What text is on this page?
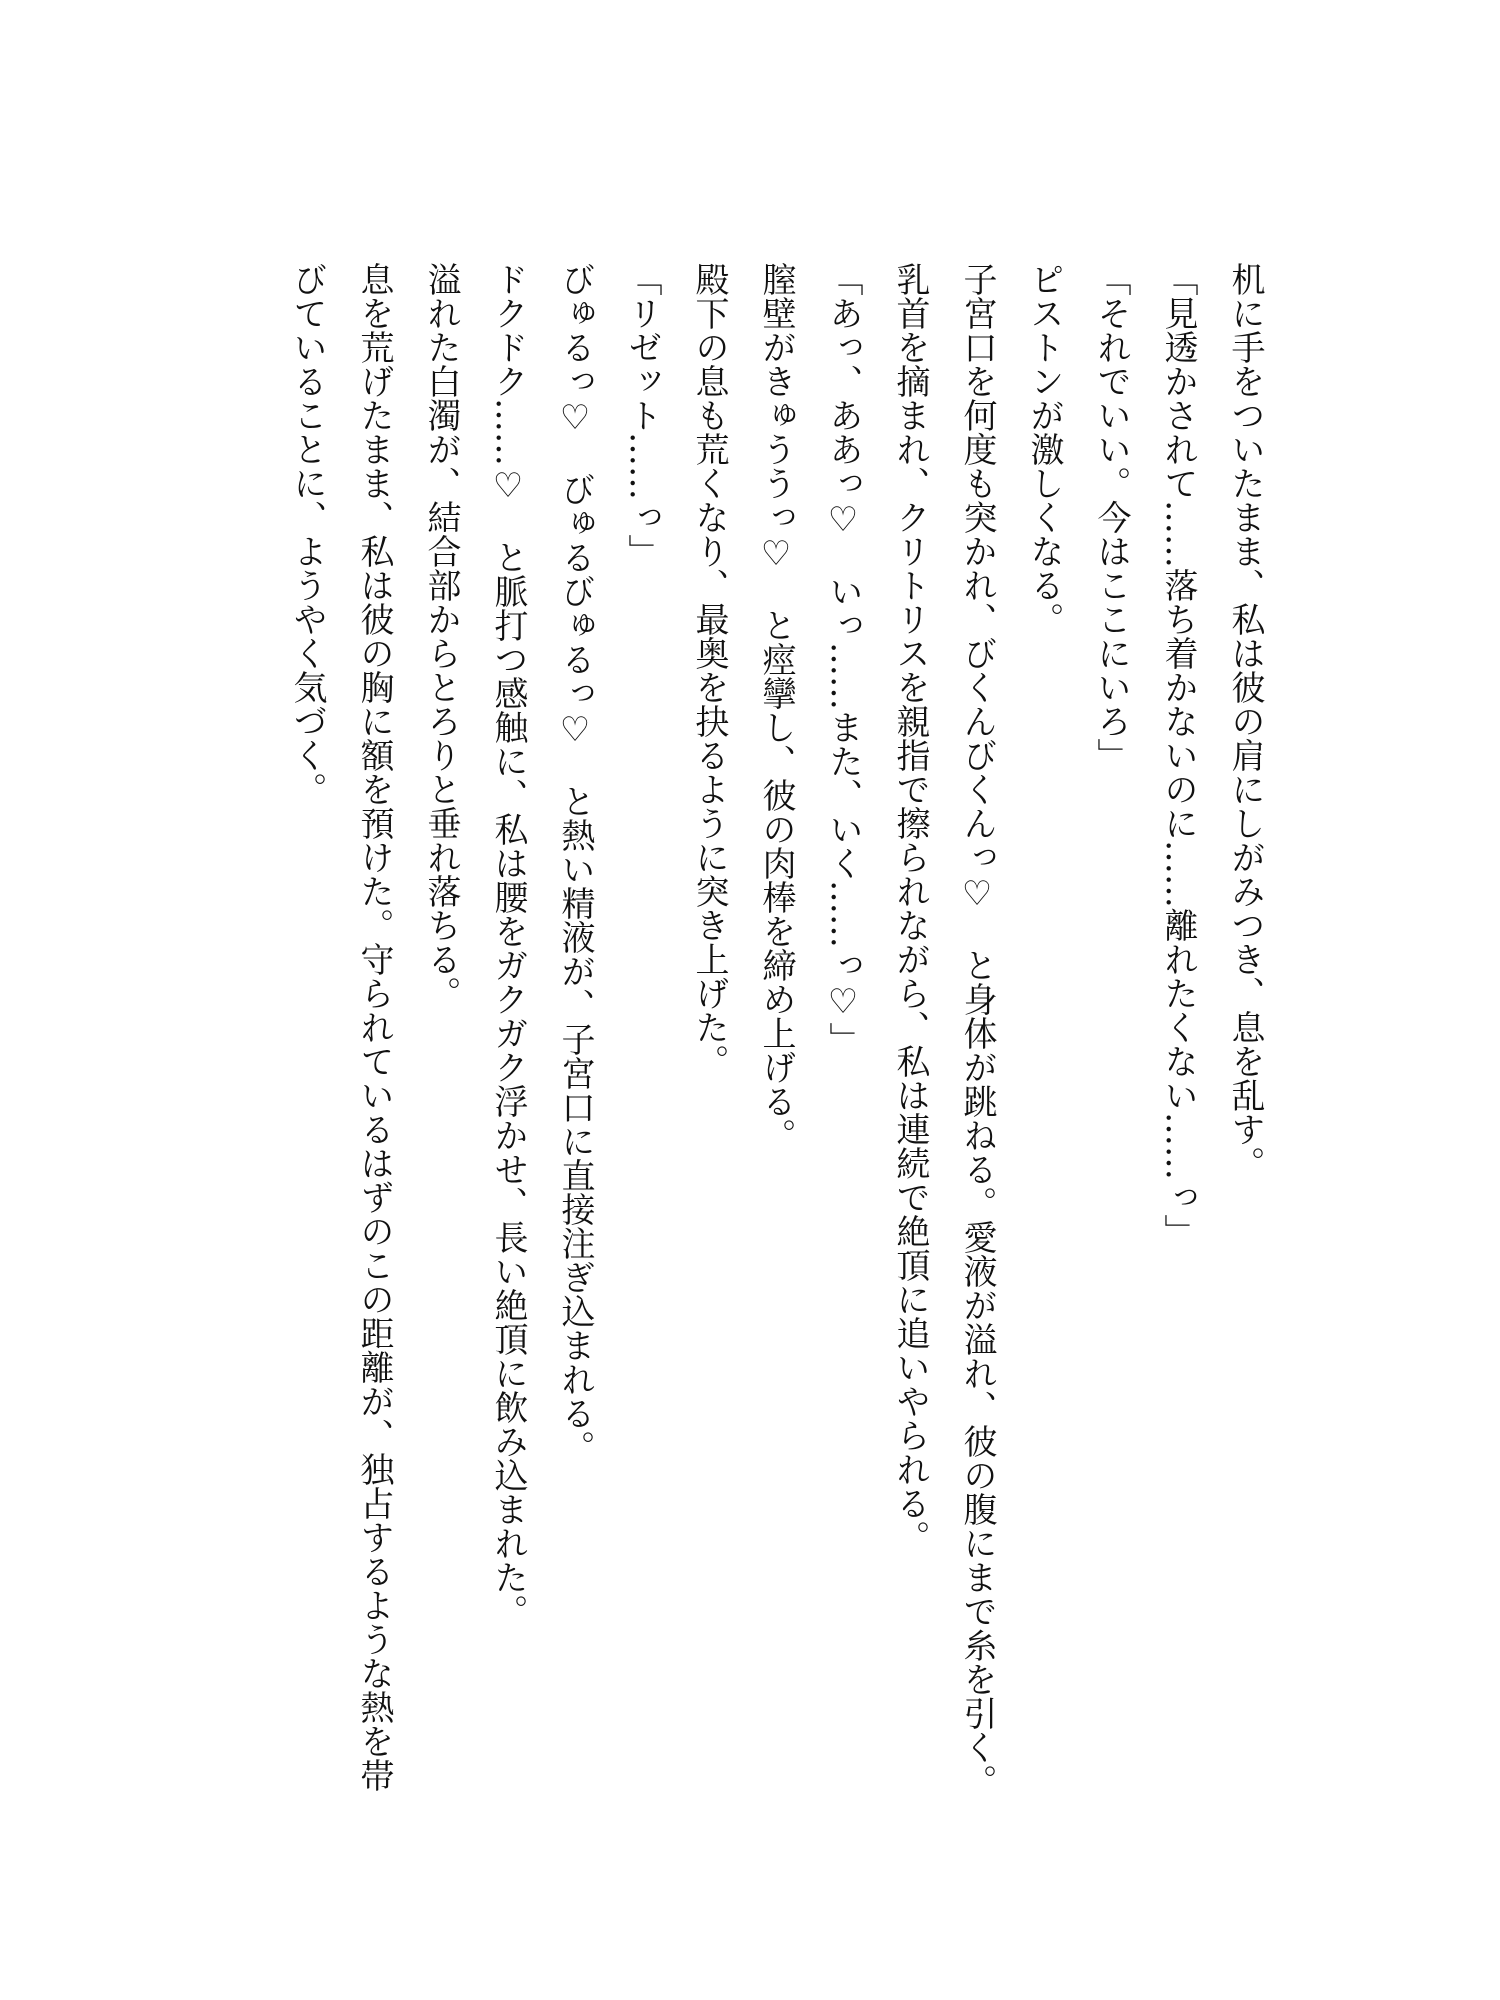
机に手をついたまま、私は彼の肩にしがみつき、息を乱す。
「見透かされて……落ち着かないのに……離れたくない……っ」
「それでいい。今はここにいろ」
ピストンが激しくなる。
子宮口を何度も突かれ、びくんびくんっ♡　と身体が跳ねる。愛液が溢れ、彼の腹にまで糸を引く。
乳首を摘まれ、クリトリスを親指で擦られながら、私は連続で絶頂に追いやられる。
「あっ、ああっ♡　いっ……また、いく……っ♡」
膣壁がきゅううっ♡　と痙攣し、彼の肉棒を締め上げる。
殿下の息も荒くなり、最奥を抉るように突き上げた。
「リゼット……っ」
びゅるっ♡　びゅるびゅるっ♡　と熱い精液が、子宮口に直接注ぎ込まれる。
ドクドク……♡　と脈打つ感触に、私は腰をガクガク浮かせ、長い絶頂に飲み込まれた。
溢れた白濁が、結合部からとろりと垂れ落ちる。
息を荒げたまま、私は彼の胸に額を預けた。守られているはずのこの距離が、独占するような熱を帯
びていることに、ようやく気づく。
